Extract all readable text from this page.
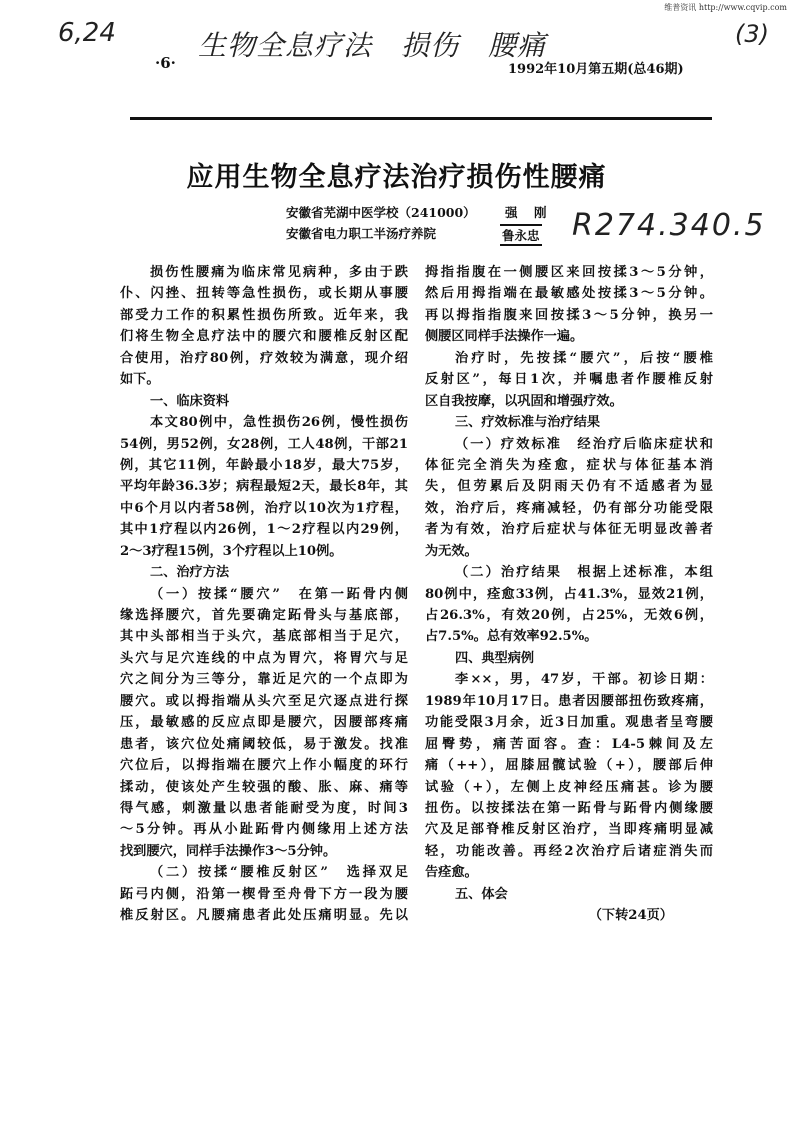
维普资讯 http://www.cqvip.com
6,24	生物全息疗法　损伤　腰痛	(3)
·6·	1992年10月第五期(总46期)
应用生物全息疗法治疗损伤性腰痛
安徽省芜湖中医学校（241000） 强　刚
安徽省电力职工半汤疗养院	鲁永忠 R274.340.5
损伤性腰痛为临床常见病种，多由于跌
仆、闪挫、扭转等急性损伤，或长期从事腰
部受力工作的积累性损伤所致。近年来，我
们将生物全息疗法中的腰穴和腰椎反射区配
合使用，治疗80例，疗效较为满意，现介绍
如下。
一、临床资料
本文80例中，急性损伤26例，慢性损伤
54例，男52例，女28例，工人48例，干部21
例，其它11例，年龄最小18岁，最大75岁，
平均年龄36.3岁；病程最短2天，最长8年，其
中6个月以内者58例，治疗以10次为1疗程，
其中1疗程以内26例，1～2疗程以内29例，
2～3疗程15例，3个疗程以上10例。
二、治疗方法
（一）按揉“腰穴”　在第一跖骨内侧
缘选择腰穴，首先要确定跖骨头与基底部，
其中头部相当于头穴，基底部相当于足穴，
头穴与足穴连线的中点为胃穴，将胃穴与足
穴之间分为三等分，靠近足穴的一个点即为
腰穴。或以拇指端从头穴至足穴逐点进行探
压，最敏感的反应点即是腰穴，因腰部疼痛
患者，该穴位处痛阈较低，易于激发。找准
穴位后，以拇指端在腰穴上作小幅度的环行
揉动，使该处产生较强的酸、胀、麻、痛等
得气感，刺激量以患者能耐受为度，时间3
～5分钟。再从小趾跖骨内侧缘用上述方法
找到腰穴，同样手法操作3～5分钟。
（二）按揉“腰椎反射区”　选择双足
跖弓内侧，沿第一楔骨至舟骨下方一段为腰
椎反射区。凡腰痛患者此处压痛明显。先以
拇指指腹在一侧腰区来回按揉3～5分钟，
然后用拇指端在最敏感处按揉3～5分钟。
再以拇指指腹来回按揉3～5分钟，换另一
侧腰区同样手法操作一遍。
治疗时，先按揉“腰穴”，后按“腰椎
反射区”，每日1次，并嘱患者作腰椎反射
区自我按摩，以巩固和增强疗效。
三、疗效标准与治疗结果
（一）疗效标准　经治疗后临床症状和
体征完全消失为痊愈，症状与体征基本消
失，但劳累后及阴雨天仍有不适感者为显
效，治疗后，疼痛减轻，仍有部分功能受限
者为有效，治疗后症状与体征无明显改善者
为无效。
（二）治疗结果　根据上述标准，本组
80例中，痊愈33例，占41.3%，显效21例，
占26.3%，有效20例，占25%，无效6例，
占7.5%。总有效率92.5%。
四、典型病例
李××，男，47岁，干部。初诊日期：
1989年10月17日。患者因腰部扭伤致疼痛，
功能受限3月余，近3日加重。观患者呈弯腰
屈臀势，痛苦面容。查：L4-5棘间及左
痛（++），屈膝屈髋试验（+），腰部后伸
试验（+），左侧上皮神经压痛甚。诊为腰
扭伤。以按揉法在第一跖骨与跖骨内侧缘腰
穴及足部脊椎反射区治疗，当即疼痛明显减
轻，功能改善。再经2次治疗后诸症消失而
告痊愈。
五、体会
（下转24页）
